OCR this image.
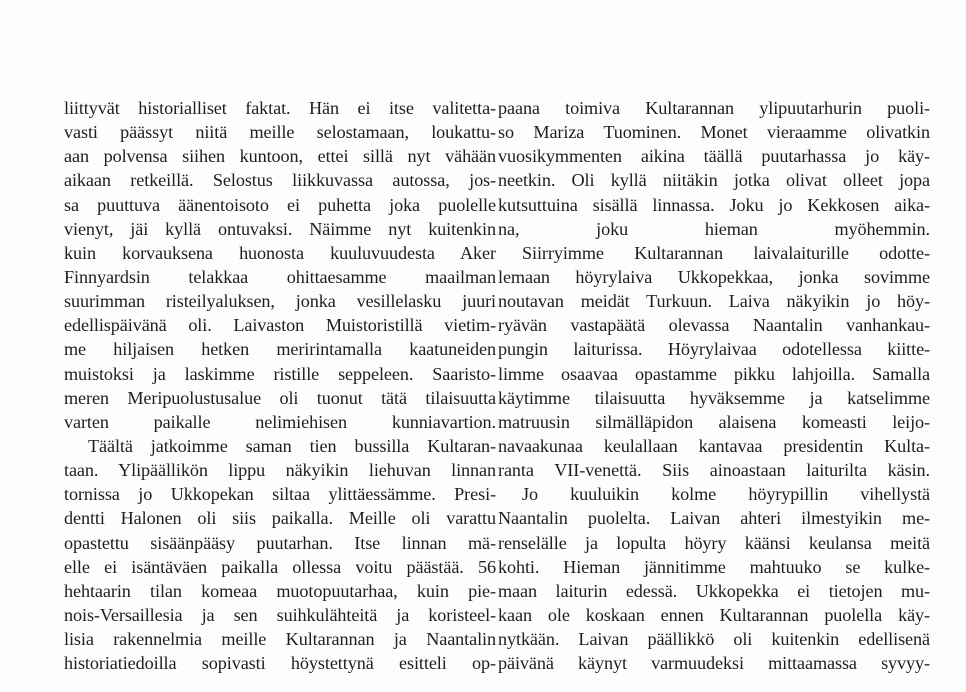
liittyvät historialliset faktat. Hän ei itse valitetta-
vasti päässyt niitä meille selostamaan, loukattu-
aan polvensa siihen kuntoon, ettei sillä nyt vähään
aikaan retkeillä. Selostus liikkuvassa autossa, jos-
sa puuttuva äänentoisoto ei puhetta joka puolelle
vienyt, jäi kyllä ontuvaksi. Näimme nyt kuitenkin
kuin korvauksena huonosta kuuluvuudesta Aker
Finnyardsin telakkaa ohittaesamme maailman
suurimman risteilyaluksen, jonka vesillelasku juuri
edellispäivänä oli. Laivaston Muistoristillä vietim-
me hiljaisen hetken meririntamalla kaatuneiden
muistoksi ja laskimme ristille seppeleen. Saaristo-
meren Meripuolustusalue oli tuonut tätä tilaisuutta
varten paikalle nelimiehisen kunniavartion.
Täältä jatkoimme saman tien bussilla Kultaran-
taan. Ylipäällikön lippu näkyikin liehuvan linnan
tornissa jo Ukkopekan siltaa ylittäessämme. Presi-
dentti Halonen oli siis paikalla. Meille oli varattu
opastettu sisäänpääsy puutarhan. Itse linnan mä-
elle ei isäntäväen paikalla ollessa voitu päästää. 56
hehtaarin tilan komeaa muotopuutarhaa, kuin pie-
nois-Versaillesia ja sen suihkulähteitä ja koristeel-
lisia rakennelmia meille Kultarannan ja Naantalin
historiatiedoilla sopivasti höystettynä esitteli op-
paana toimiva Kultarannan ylipuutarhurin puoli-
so Mariza Tuominen. Monet vieraamme olivatkin
vuosikymmenten aikina täällä puutarhassa jo käy-
neetkin. Oli kyllä niitäkin jotka olivat olleet jopa
kutsuttuina sisällä linnassa. Joku jo Kekkosen aika-
na, joku hieman myöhemmin.
Siirryimme Kultarannan laivalaiturille odotte-
lemaan höyrylaiva Ukkopekkaa, jonka sovimme
noutavan meidät Turkuun. Laiva näkyikin jo höy-
ryävän vastapäätä olevassa Naantalin vanhankau-
pungin laiturissa. Höyrylaivaa odotellessa kiitte-
limme osaavaa opastamme pikku lahjoilla. Samalla
käytimme tilaisuutta hyväksemme ja katselimme
matruusin silmälläpidon alaisena komeasti leijo-
navaakunaa keulallaan kantavaa presidentin Kulta-
ranta VII-venettä. Siis ainoastaan laiturilta käsin.
Jo kuuluikin kolme höyrypillin vihellystä
Naantalin puolelta. Laivan ahteri ilmestyikin me-
renselälle ja lopulta höyry käänsi keulansa meitä
kohti. Hieman jännitimme mahtuuko se kulke-
maan laiturin edessä. Ukkopekka ei tietojen mu-
kaan ole koskaan ennen Kultarannan puolella käy-
nytkään. Laivan päällikkö oli kuitenkin edellisenä
päivänä käynyt varmuudeksi mittaamassa syvyy-
